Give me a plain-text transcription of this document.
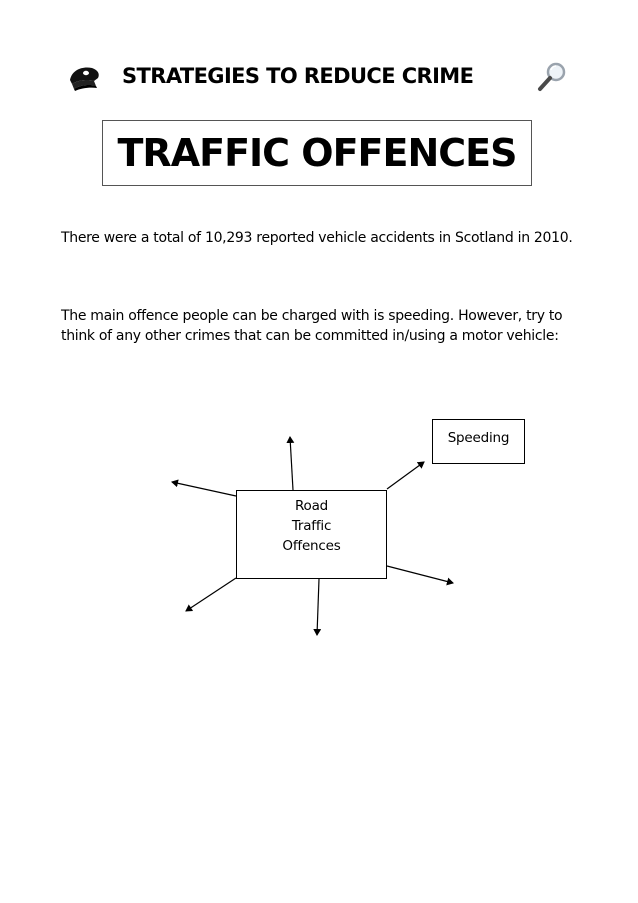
STRATEGIES TO REDUCE CRIME
TRAFFIC OFFENCES

There were a total of 10,293 reported vehicle accidents in Scotland in 2010.

The main offence people can be charged with is speeding. However, try to think of any other crimes that can be committed in/using a motor vehicle:

Speeding
Road
Traffic
Offences
